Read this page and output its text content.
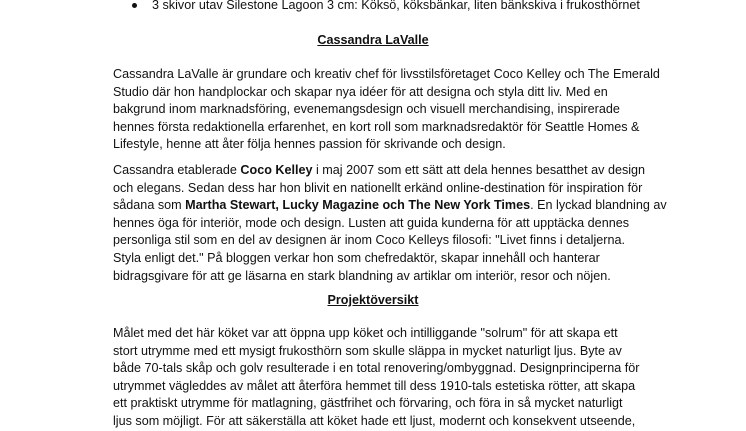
3 skivor utav Silestone Lagoon 3 cm: Köksö, köksbänkar, liten bänkskiva i frukosthörnet
Cassandra LaValle
Cassandra LaValle är grundare och kreativ chef för livsstilsföretaget Coco Kelley och The Emerald
Studio där hon handplockar och skapar nya idéer för att designa och styla ditt liv. Med en
bakgrund inom marknadsföring, evenemangsdesign och visuell merchandising, inspirerade
hennes första redaktionella erfarenhet, en kort roll som marknadsredaktör för Seattle Homes &
Lifestyle, henne att åter följa hennes passion för skrivande och design.
Cassandra etablerade Coco Kelley i maj 2007 som ett sätt att dela hennes besatthet av design
och elegans. Sedan dess har hon blivit en nationellt erkänd online-destination för inspiration för
sådana som Martha Stewart, Lucky Magazine och The New York Times. En lyckad blandning av
hennes öga för interiör, mode och design. Lusten att guida kunderna för att upptäcka dennes
personliga stil som en del av designen är inom Coco Kelleys filosofi: "Livet finns i detaljerna.
Styla enligt det." På bloggen verkar hon som chefredaktör, skapar innehåll och hanterar
bidragsgivare för att ge läsarna en stark blandning av artiklar om interiör, resor och nöjen.
Projektöversikt
Målet med det här köket var att öppna upp köket och intilliggande "solrum" för att skapa ett
stort utrymme med ett mysigt frukosthörn som skulle släppa in mycket naturligt ljus. Byte av
både 70-tals skåp och golv resulterade i en total renovering/ombyggnad. Designprinciperna för
utrymmet vägleddes av målet att återföra hemmet till dess 1910-tals estetiska rötter, att skapa
ett praktiskt utrymme för matlagning, gästfrihet och förvaring, och föra in så mycket naturligt
ljus som möjligt. För att säkerställa att köket hade ett ljust, modernt och konsekvent utseende,
